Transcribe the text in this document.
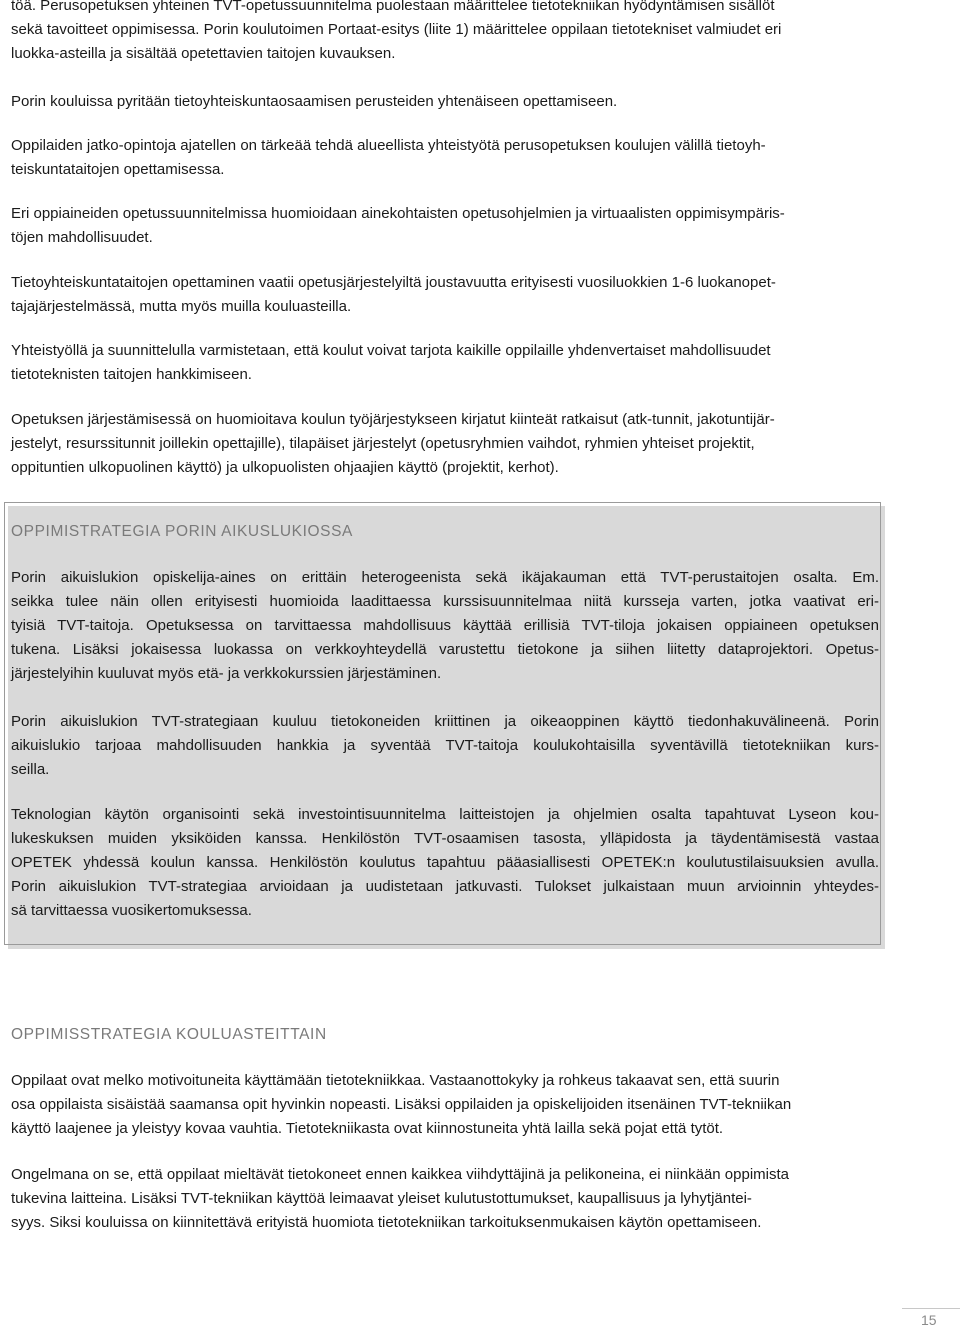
töä. Perusopetuksen yhteinen TVT-opetussuunnitelma puolestaan määrittelee tietotekniikan hyödyntämisen sisällöt
sekä tavoitteet oppimisessa. Porin koulutoimen Portaat-esitys (liite 1) määrittelee oppilaan tietotekniset valmiudet eri
luokka-asteilla ja sisältää opetettavien taitojen kuvauksen.

Porin kouluissa pyritään tietoyhteiskuntaosaamisen perusteiden yhtenäiseen opettamiseen.

Oppilaiden jatko-opintoja ajatellen on tärkeää tehdä alueellista yhteistyötä perusopetuksen koulujen välillä tietoyh-
teiskuntataitojen opettamisessa.

Eri oppiaineiden opetussuunnitelmissa huomioidaan ainekohtaisten opetusohjelmien ja virtuaalisten oppimisympäris-
töjen mahdollisuudet.

Tietoyhteiskuntataitojen opettaminen vaatii opetusjärjestelyiltä joustavuutta erityisesti vuosiluokkien 1-6 luokanopet-
tajajärjestelmässä, mutta myös muilla kouluasteilla.

Yhteistyöllä ja suunnittelulla varmistetaan, että koulut voivat tarjota kaikille oppilaille yhdenvertaiset mahdollisuudet
tietoteknisten taitojen hankkimiseen.

Opetuksen järjestämisessä on huomioitava koulun työjärjestykseen kirjatut kiinteät ratkaisut (atk-tunnit, jakotuntijär-
jestelyt, resurssitunnit joillekin opettajille), tilapäiset järjestelyt (opetusryhmien vaihdot, ryhmien yhteiset projektit,
oppituntien ulkopuolinen käyttö) ja ulkopuolisten ohjaajien käyttö (projektit, kerhot).

OPPIMISTRATEGIA PORIN AIKUSLUKIOSSA

Porin aikuislukion opiskelija-aines on erittäin heterogeenista sekä ikäjakauman että TVT-perustaitojen osalta. Em.
seikka tulee näin ollen erityisesti huomioida laadittaessa kurssisuunnitelmaa niitä kursseja varten, jotka vaativat eri-
tyisiä TVT-taitoja. Opetuksessa on tarvittaessa mahdollisuus käyttää erillisiä TVT-tiloja jokaisen oppiaineen opetuksen
tukena. Lisäksi jokaisessa luokassa on verkkoyhteydellä varustettu tietokone ja siihen liitetty dataprojektori. Opetus-
järjestelyihin kuuluvat myös etä- ja verkkokurssien järjestäminen.

Porin aikuislukion TVT-strategiaan kuuluu tietokoneiden kriittinen ja oikeaoppinen käyttö tiedonhakuvälineenä. Porin
aikuislukio tarjoaa mahdollisuuden hankkia ja syventää TVT-taitoja koulukohtaisilla syventävillä tietotekniikan kurs-
seilla.

Teknologian käytön organisointi sekä investointisuunnitelma laitteistojen ja ohjelmien osalta tapahtuvat Lyseon kou-
lukeskuksen muiden yksiköiden kanssa. Henkilöstön TVT-osaamisen tasosta, ylläpidosta ja täydentämisestä vastaa
OPETEK yhdessä koulun kanssa. Henkilöstön koulutus tapahtuu pääasiallisesti OPETEK:n koulutustilaisuuksien avulla.
Porin aikuislukion TVT-strategiaa arvioidaan ja uudistetaan jatkuvasti. Tulokset julkaistaan muun arvioinnin yhteydes-
sä tarvittaessa vuosikertomuksessa.

OPPIMISSTRATEGIA KOULUASTEITTAIN

Oppilaat ovat melko motivoituneita käyttämään tietotekniikkaa. Vastaanottokyky ja rohkeus takaavat sen, että suurin
osa oppilaista sisäistää saamansa opit hyvinkin nopeasti. Lisäksi oppilaiden ja opiskelijoiden itsenäinen TVT-tekniikan
käyttö laajenee ja yleistyy kovaa vauhtia. Tietotekniikasta ovat kiinnostuneita yhtä lailla sekä pojat että tytöt.

Ongelmana on se, että oppilaat mieltävät tietokoneet ennen kaikkea viihdyttäjinä ja pelikoneina, ei niinkään oppimista
tukevina laitteina. Lisäksi TVT-tekniikan käyttöä leimaavat yleiset kulutustottumukset, kaupallisuus ja lyhytjäntei-
syys. Siksi kouluissa on kiinnitettävä erityistä huomiota tietotekniikan tarkoituksenmukaisen käytön opettamiseen.

15
